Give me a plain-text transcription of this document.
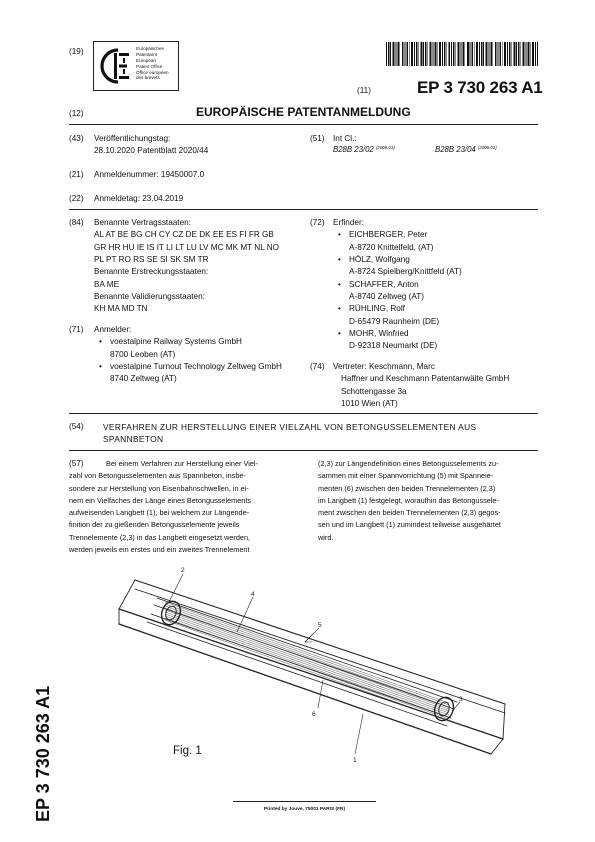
(19)	Europäisches
Patentamt
European
Patent Office
Office européen
des brevets
(11)	EP 3 730 263 A1
(12)	EUROPÄISCHE PATENTANMELDUNG
(43) Veröffentlichungstag:
28.10.2020 Patentblatt 2020/44
(51) Int Cl.:
B28B 23/02 $^{(2006.01)}$	B28B 23/04 $^{(2006.01)}$
(21) Anmeldenummer: 19450007.0
(22) Anmeldetag: 23.04.2019
(84) Benannte Vertragsstaaten:
AL AT BE BG CH CY CZ DE DK EE ES FI FR GB
GR HR HU IE IS IT LI LT LU LV MC MK MT NL NO
PL PT RO RS SE SI SK SM TR
Benannte Erstreckungsstaaten:
BA ME
Benannte Validierungsstaaten:
KH MA MD TN
(71) Anmelder:
• voestalpine Railway Systems GmbH
8700 Leoben (AT)
• voestalpine Turnout Technology Zeltweg GmbH
8740 Zeltweg (AT)
(72) Erfinder:
• EICHBERGER, Peter
A-8720 Knittelfeld, (AT)
• HÖLZ, Wolfgang
A-8724 Spielberg/Knittfeld (AT)
• SCHAFFER, Anton
A-8740 Zeltweg (AT)
• RÜHLING, Rolf
D-65479 Raunheim (DE)
• MOHR, Winfried
D-92318 Neumarkt (DE)
(74) Vertreter: Keschmann, Marc
Haffner und Keschmann Patentanwälte GmbH
Schottengasse 3a
1010 Wien (AT)
(54) VERFAHREN ZUR HERSTELLUNG EINER VIELZAHL VON BETONGUSSELEMENTEN AUS
SPANNBETON
(57)	Bei einem Verfahren zur Herstellung einer Viel-

zahl von Betongusselementen aus Spannbeton, insbe-

sondere zur Herstellung von Eisenbahnschwellen, in ei-

nem ein Vielfaches der Länge eines Betongusselements

aufweisenden Langbett (1), bei welchem zur Längende-

finition der zu gießenden Betongusselemente jeweils

Trennelemente (2,3) in das Langbett eingesetzt werden,

werden jeweils ein erstes und ein zweites Trennelement

(2,3) zur Längendefinition eines Betongusselements zu-

sammen mit einer Spannvorrichtung (5) mit Spanneie-

menten (6) zwischen den beiden Trennelementen (2,3)

im Langbett (1) festgelegt, woraufhin das Betongussele-

ment zwischen den beiden Trennelementen (2,3) gegos-

sen und im Langbett (1) zumindest teilweise ausgehärtet

wird.

2
4
5
6
1
3
Fig. 1
EP 3 730 263 A1	Printed by Jouve, 75001 PARIS (FR)
